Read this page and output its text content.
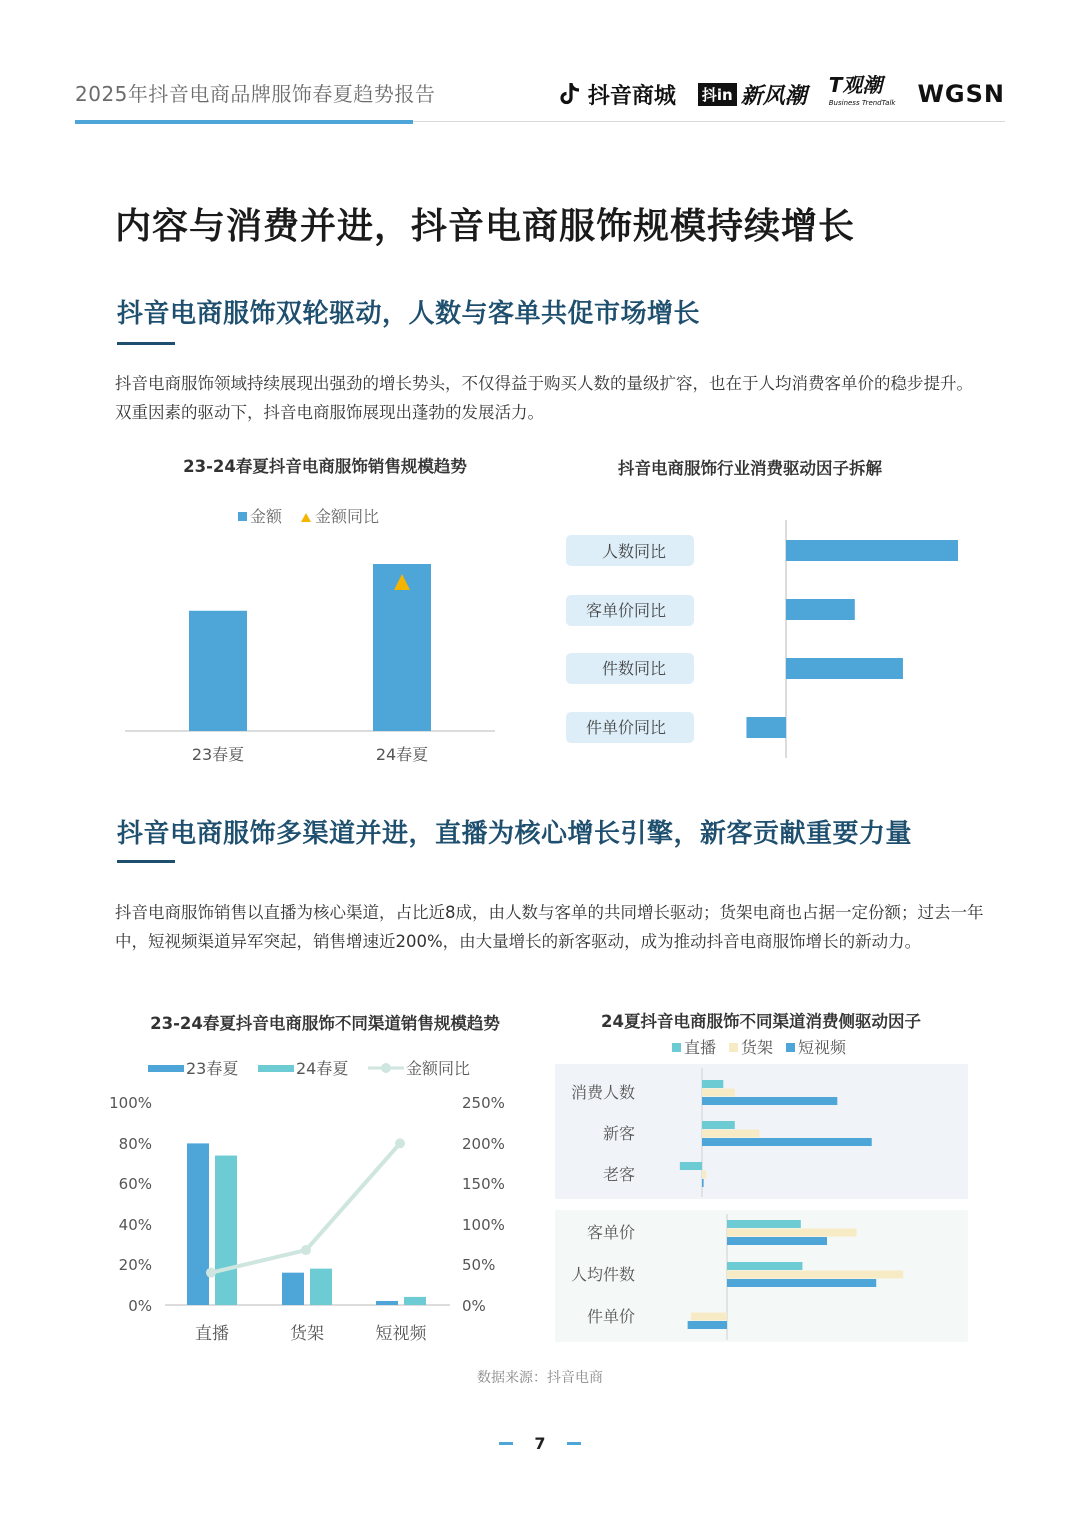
2025年抖音电商品牌服饰春夏趋势报告	抖音商城 抖in 新风潮 T观潮
Business TrendTalk WGSN
内容与消费并进，抖音电商服饰规模持续增长
抖音电商服饰双轮驱动，人数与客单共促市场增长
抖音电商服饰领域持续展现出强劲的增长势头，不仅得益于购买人数的量级扩容，也在于人均消费客单价的稳步提升。双重因素的驱动下，抖音电商服饰展现出蓬勃的发展活力。
23-24春夏抖音电商服饰销售规模趋势
金额 金额同比
23春夏	24春夏
抖音电商服饰行业消费驱动因子拆解
人数同比
客单价同比
件数同比
件单价同比
抖音电商服饰多渠道并进，直播为核心增长引擎，新客贡献重要力量
抖音电商服饰销售以直播为核心渠道，占比近8成，由人数与客单的共同增长驱动；货架电商也占据一定份额；过去一年中，短视频渠道异军突起，销售增速近200%，由大量增长的新客驱动，成为推动抖音电商服饰增长的新动力。
23-24春夏抖音电商服饰不同渠道销售规模趋势
23春夏	24春夏	金额同比
100%
80%
60%
40%
20%
0%
250%
200%
150%
100%
50%
0%
直播	货架	短视频
24夏抖音电商服饰不同渠道消费侧驱动因子
直播 货架 短视频
消费人数
新客
老客
客单价
人均件数
件单价
数据来源：抖音电商
7
